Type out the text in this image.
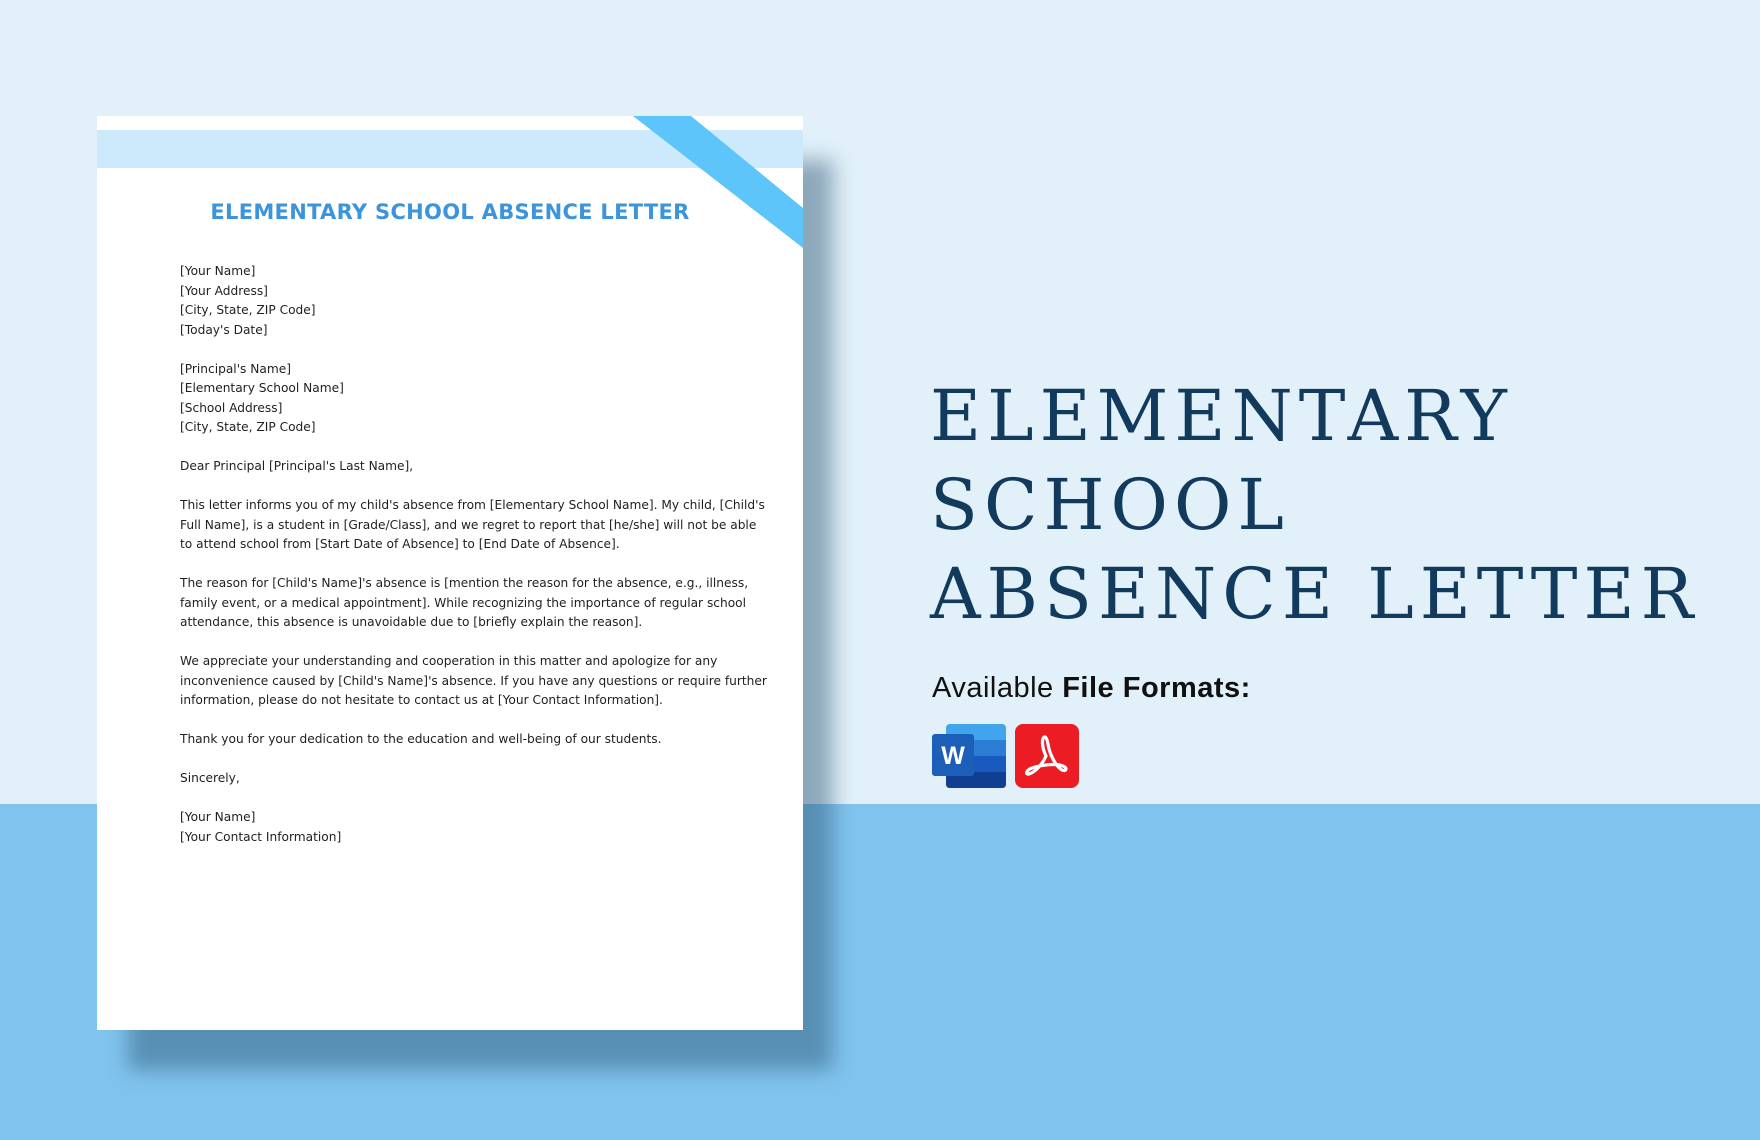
ELEMENTARY SCHOOL ABSENCE LETTER
[Your Name]
[Your Address]
[City, State, ZIP Code]
[Today's Date]
[Principal's Name]
[Elementary School Name]
[School Address]
[City, State, ZIP Code]
Dear Principal [Principal's Last Name],
This letter informs you of my child's absence from [Elementary School Name]. My child, [Child's
Full Name], is a student in [Grade/Class], and we regret to report that [he/she] will not be able
to attend school from [Start Date of Absence] to [End Date of Absence].
The reason for [Child's Name]'s absence is [mention the reason for the absence, e.g., illness,
family event, or a medical appointment]. While recognizing the importance of regular school
attendance, this absence is unavoidable due to [briefly explain the reason].
We appreciate your understanding and cooperation in this matter and apologize for any
inconvenience caused by [Child's Name]'s absence. If you have any questions or require further
information, please do not hesitate to contact us at [Your Contact Information].
Thank you for your dedication to the education and well-being of our students.
Sincerely,
[Your Name]
[Your Contact Information]
ELEMENTARY
SCHOOL
ABSENCE LETTER
Available File Formats:
W
